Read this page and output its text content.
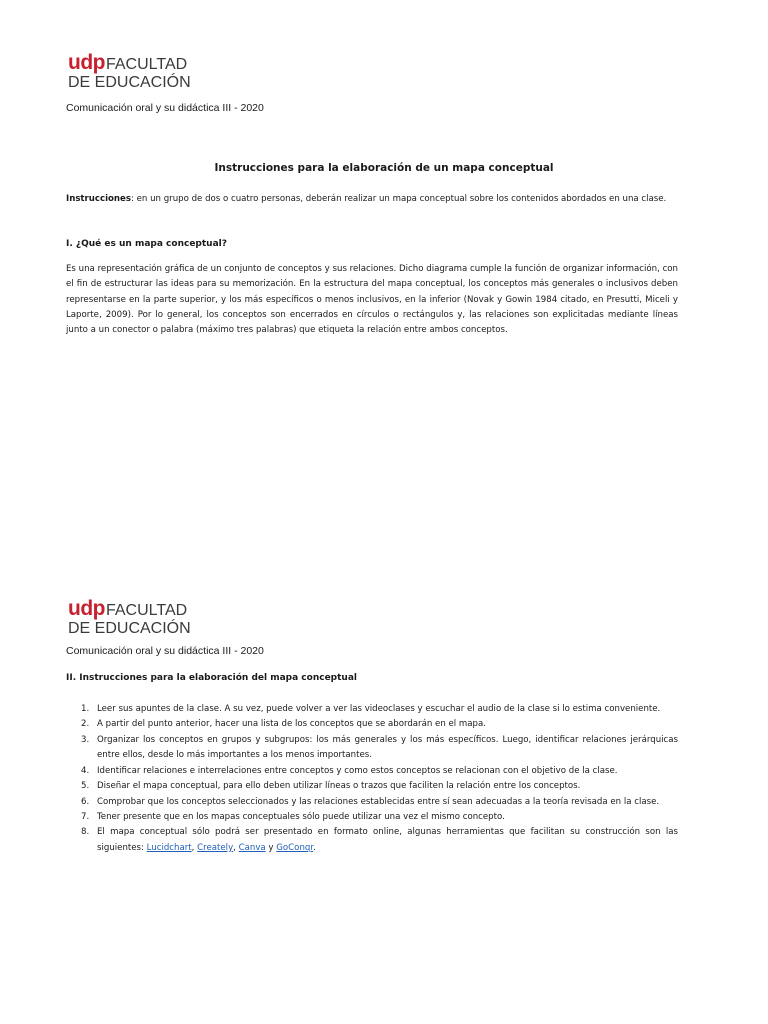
udp FACULTAD
DE EDUCACIÓN
Comunicación oral y su didáctica III - 2020
Instrucciones para la elaboración de un mapa conceptual
Instrucciones: en un grupo de dos o cuatro personas, deberán realizar un mapa conceptual sobre los contenidos abordados en una clase.
I. ¿Qué es un mapa conceptual?
Es una representación gráfica de un conjunto de conceptos y sus relaciones. Dicho diagrama cumple la función de organizar información, con el fin de estructurar las ideas para su memorización. En la estructura del mapa conceptual, los conceptos más generales o inclusivos deben representarse en la parte superior, y los más específicos o menos inclusivos, en la inferior (Novak y Gowin 1984 citado, en Presutti, Miceli y Laporte, 2009). Por lo general, los conceptos son encerrados en círculos o rectángulos y, las relaciones son explicitadas mediante líneas junto a un conector o palabra (máximo tres palabras) que etiqueta la relación entre ambos conceptos.
udp FACULTAD
DE EDUCACIÓN
Comunicación oral y su didáctica III - 2020
II. Instrucciones para la elaboración del mapa conceptual
1. Leer sus apuntes de la clase. A su vez, puede volver a ver las videoclases y escuchar el audio de la clase si lo estima conveniente.
2. A partir del punto anterior, hacer una lista de los conceptos que se abordarán en el mapa.
3. Organizar los conceptos en grupos y subgrupos: los más generales y los más específicos. Luego, identificar relaciones jerárquicas entre ellos, desde lo más importantes a los menos importantes.
4. Identificar relaciones e interrelaciones entre conceptos y como estos conceptos se relacionan con el objetivo de la clase.
5. Diseñar el mapa conceptual, para ello deben utilizar líneas o trazos que faciliten la relación entre los conceptos.
6. Comprobar que los conceptos seleccionados y las relaciones establecidas entre sí sean adecuadas a la teoría revisada en la clase.
7. Tener presente que en los mapas conceptuales sólo puede utilizar una vez el mismo concepto.
8. El mapa conceptual sólo podrá ser presentado en formato online, algunas herramientas que facilitan su construcción son las siguientes: Lucidchart, Creately, Canva y GoConqr.
